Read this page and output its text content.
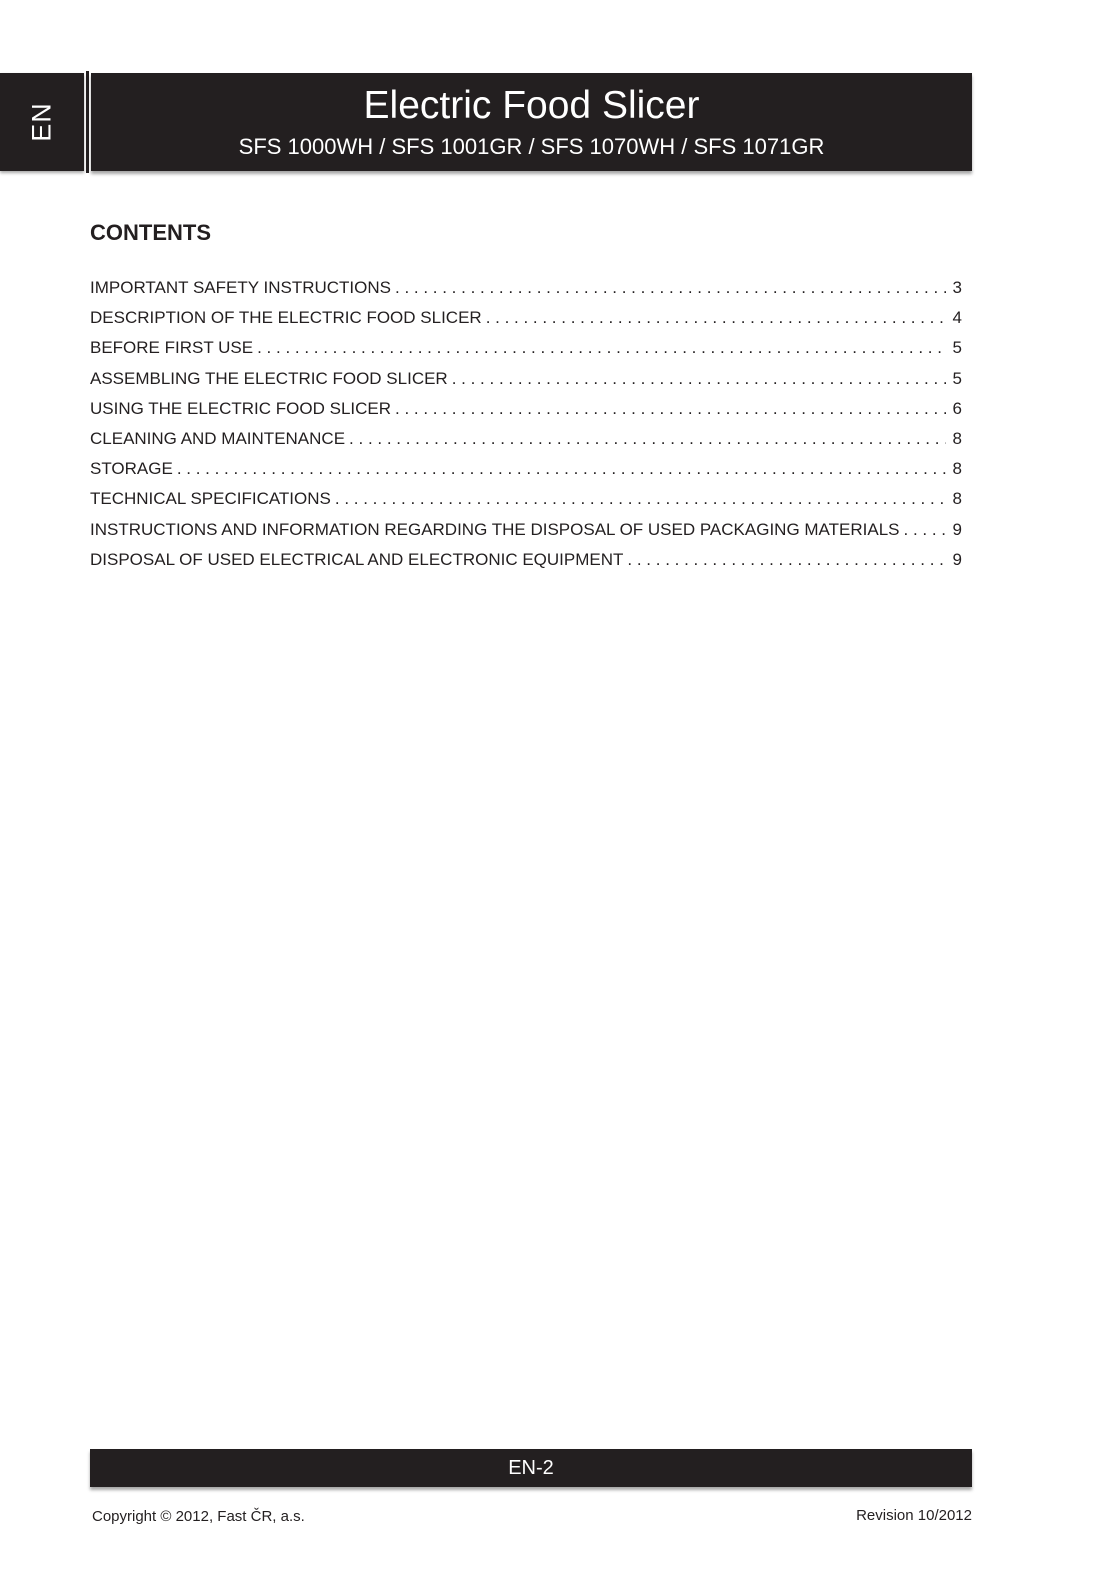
EN	Electric Food Slicer
SFS 1000WH / SFS 1001GR / SFS 1070WH / SFS 1071GR
CONTENTS
IMPORTANT SAFETY INSTRUCTIONS . . .	3
DESCRIPTION OF THE ELECTRIC FOOD SLICER . . .	4
BEFORE FIRST USE . . .	5
ASSEMBLING THE ELECTRIC FOOD SLICER . . .	5
USING THE ELECTRIC FOOD SLICER . . .	6
CLEANING AND MAINTENANCE . . .	8
STORAGE . . .	8
TECHNICAL SPECIFICATIONS . . .	8
INSTRUCTIONS AND INFORMATION REGARDING THE DISPOSAL OF USED PACKAGING MATERIALS . . .	9
DISPOSAL OF USED ELECTRICAL AND ELECTRONIC EQUIPMENT . . .	9
EN-2
Copyright © 2012, Fast ČR, a.s.	Revision 10/2012
